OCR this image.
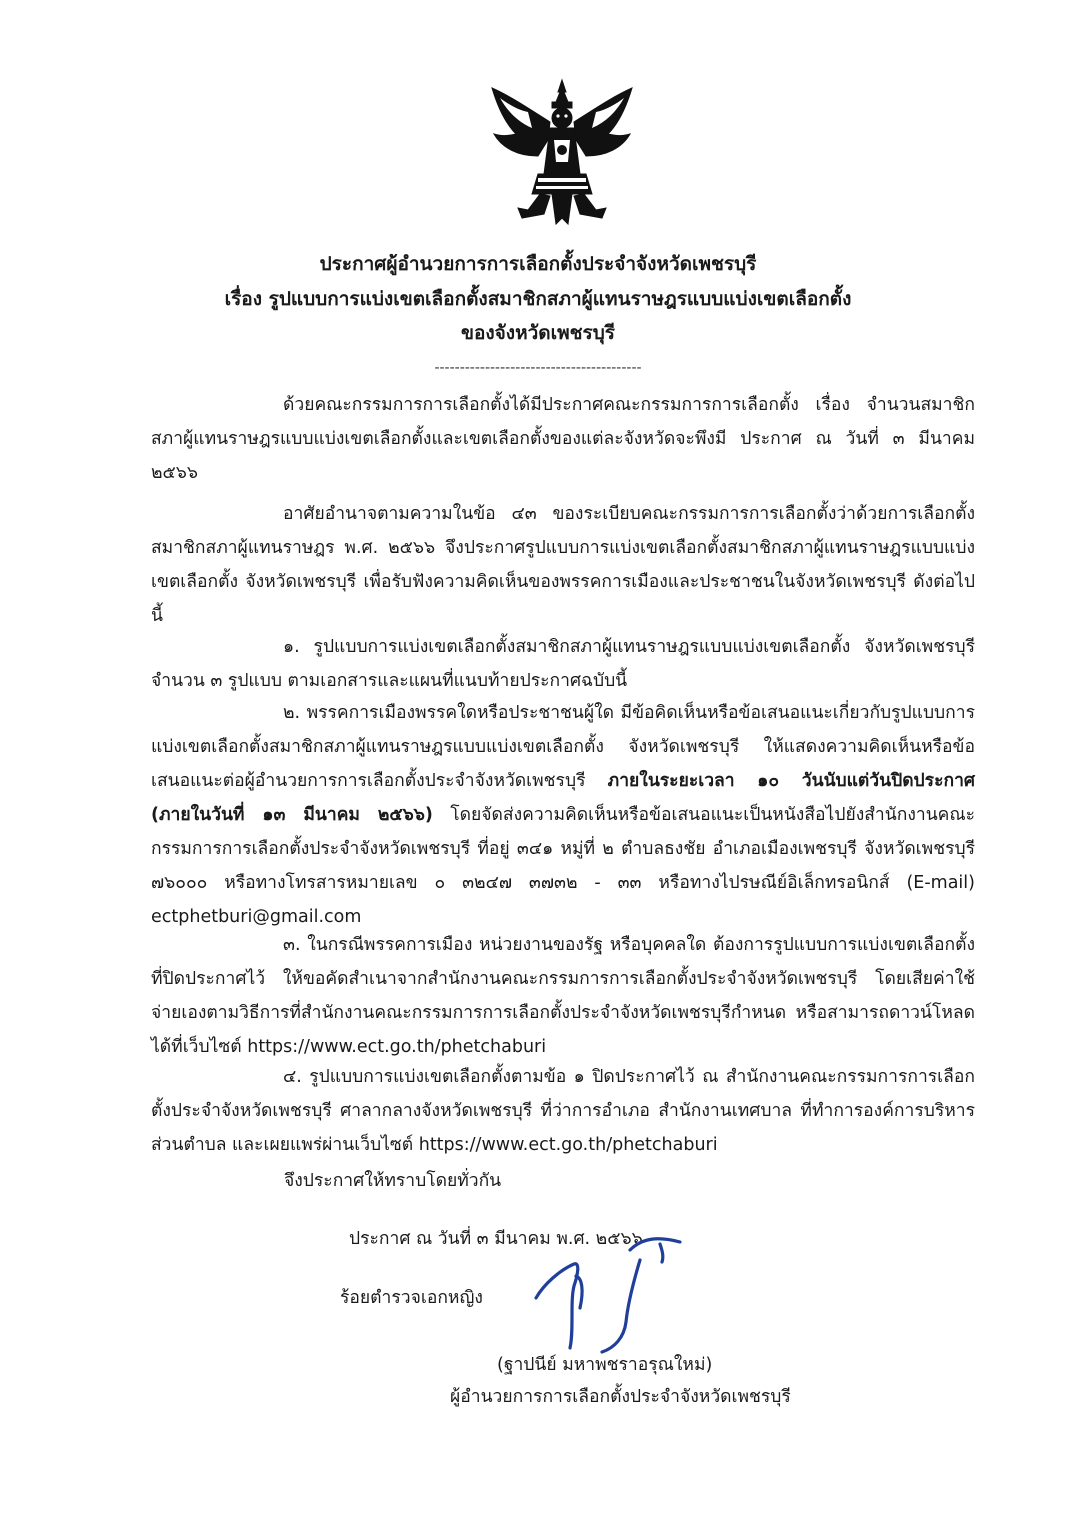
ประกาศผู้อำนวยการการเลือกตั้งประจำจังหวัดเพชรบุรี
เรื่อง รูปแบบการแบ่งเขตเลือกตั้งสมาชิกสภาผู้แทนราษฎรแบบแบ่งเขตเลือกตั้ง
ของจังหวัดเพชรบุรี
-----------------------------------------
ด้วยคณะกรรมการการเลือกตั้งได้มีประกาศคณะกรรมการการเลือกตั้ง เรื่อง จำนวนสมาชิกสภาผู้แทนราษฎรแบบแบ่งเขตเลือกตั้งและเขตเลือกตั้งของแต่ละจังหวัดจะพึงมี ประกาศ ณ วันที่ ๓ มีนาคม ๒๕๖๖
อาศัยอำนาจตามความในข้อ ๔๓ ของระเบียบคณะกรรมการการเลือกตั้งว่าด้วยการเลือกตั้งสมาชิกสภาผู้แทนราษฎร พ.ศ. ๒๕๖๖ จึงประกาศรูปแบบการแบ่งเขตเลือกตั้งสมาชิกสภาผู้แทนราษฎรแบบแบ่งเขตเลือกตั้ง จังหวัดเพชรบุรี เพื่อรับฟังความคิดเห็นของพรรคการเมืองและประชาชนในจังหวัดเพชรบุรี ดังต่อไปนี้
๑. รูปแบบการแบ่งเขตเลือกตั้งสมาชิกสภาผู้แทนราษฎรแบบแบ่งเขตเลือกตั้ง จังหวัดเพชรบุรี จำนวน ๓ รูปแบบ ตามเอกสารและแผนที่แนบท้ายประกาศฉบับนี้
๒. พรรคการเมืองพรรคใดหรือประชาชนผู้ใด มีข้อคิดเห็นหรือข้อเสนอแนะเกี่ยวกับรูปแบบการแบ่งเขตเลือกตั้งสมาชิกสภาผู้แทนราษฎรแบบแบ่งเขตเลือกตั้ง จังหวัดเพชรบุรี ให้แสดงความคิดเห็นหรือข้อเสนอแนะต่อผู้อำนวยการการเลือกตั้งประจำจังหวัดเพชรบุรี ภายในระยะเวลา ๑๐ วันนับแต่วันปิดประกาศ (ภายในวันที่ ๑๓ มีนาคม ๒๕๖๖) โดยจัดส่งความคิดเห็นหรือข้อเสนอแนะเป็นหนังสือไปยังสำนักงานคณะกรรมการการเลือกตั้งประจำจังหวัดเพชรบุรี ที่อยู่ ๓๔๑ หมู่ที่ ๒ ตำบลธงชัย อำเภอเมืองเพชรบุรี จังหวัดเพชรบุรี ๗๖๐๐๐ หรือทางโทรสารหมายเลข ๐ ๓๒๔๗ ๓๗๓๒ - ๓๓ หรือทางไปรษณีย์อิเล็กทรอนิกส์ (E-mail) ectphetburi@gmail.com
๓. ในกรณีพรรคการเมือง หน่วยงานของรัฐ หรือบุคคลใด ต้องการรูปแบบการแบ่งเขตเลือกตั้งที่ปิดประกาศไว้ ให้ขอคัดสำเนาจากสำนักงานคณะกรรมการการเลือกตั้งประจำจังหวัดเพชรบุรี โดยเสียค่าใช้จ่ายเองตามวิธีการที่สำนักงานคณะกรรมการการเลือกตั้งประจำจังหวัดเพชรบุรีกำหนด หรือสามารถดาวน์โหลดได้ที่เว็บไซต์ https://www.ect.go.th/phetchaburi
๔. รูปแบบการแบ่งเขตเลือกตั้งตามข้อ ๑ ปิดประกาศไว้ ณ สำนักงานคณะกรรมการการเลือกตั้งประจำจังหวัดเพชรบุรี ศาลากลางจังหวัดเพชรบุรี ที่ว่าการอำเภอ สำนักงานเทศบาล ที่ทำการองค์การบริหารส่วนตำบล และเผยแพร่ผ่านเว็บไซต์ https://www.ect.go.th/phetchaburi
จึงประกาศให้ทราบโดยทั่วกัน
ประกาศ ณ วันที่ ๓ มีนาคม พ.ศ. ๒๕๖๖
ร้อยตำรวจเอกหญิง
(ฐาปนีย์ มหาพชราอรุณใหม่)
ผู้อำนวยการการเลือกตั้งประจำจังหวัดเพชรบุรี
